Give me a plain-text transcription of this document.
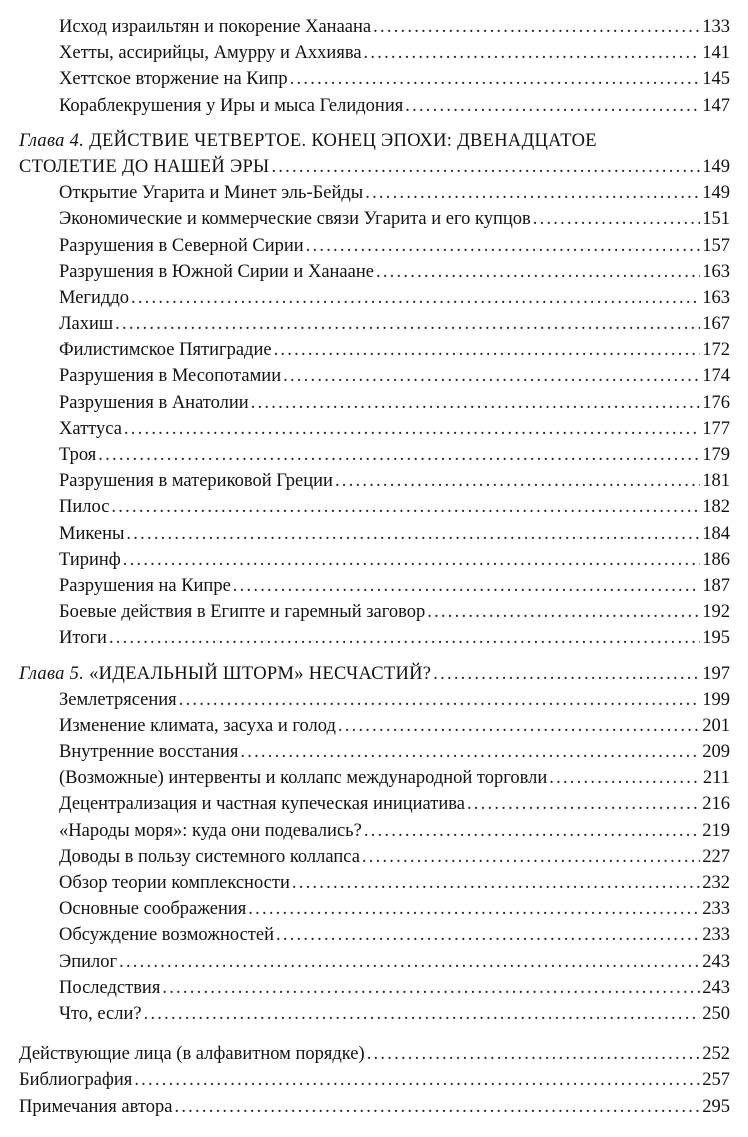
Исход израильтян и покорение Ханаана . . .	133
Хетты, ассирийцы, Амурру и Аххиява . . .	141
Хеттское вторжение на Кипр . . .	145
Кораблекрушения у Иры и мыса Гелидония . . .	147
Глава 4. ДЕЙСТВИЕ ЧЕТВЕРТОЕ. КОНЕЦ ЭПОХИ: ДВЕНАДЦАТОЕ
СТОЛЕТИЕ ДО НАШЕЙ ЭРЫ . . .	149
Открытие Угарита и Минет эль-Бейды . . .	149
Экономические и коммерческие связи Угарита и его купцов . . .	151
Разрушения в Северной Сирии . . .	157
Разрушения в Южной Сирии и Ханаане . . .	163
Мегиддо . . .	163
Лахиш . . .	167
Филистимское Пятиградие . . .	172
Разрушения в Месопотамии . . .	174
Разрушения в Анатолии . . .	176
Хаттуса . . .	177
Троя . . .	179
Разрушения в материковой Греции . . .	181
Пилос . . .	182
Микены . . .	184
Тиринф . . .	186
Разрушения на Кипре . . .	187
Боевые действия в Египте и гаремный заговор . . .	192
Итоги . . .	195
Глава 5. «ИДЕАЛЬНЫЙ ШТОРМ» НЕСЧАСТИЙ? . . .	197
Землетрясения . . .	199
Изменение климата, засуха и голод . . .	201
Внутренние восстания . . .	209
(Возможные) интервенты и коллапс международной торговли . . .	211
Децентрализация и частная купеческая инициатива . . .	216
«Народы моря»: куда они подевались? . . .	219
Доводы в пользу системного коллапса . . .	227
Обзор теории комплексности . . .	232
Основные соображения . . .	233
Обсуждение возможностей . . .	233
Эпилог . . .	243
Последствия . . .	243
Что, если? . . .	250
Действующие лица (в алфавитном порядке) . . .	252
Библиография . . .	257
Примечания автора . . .	295
